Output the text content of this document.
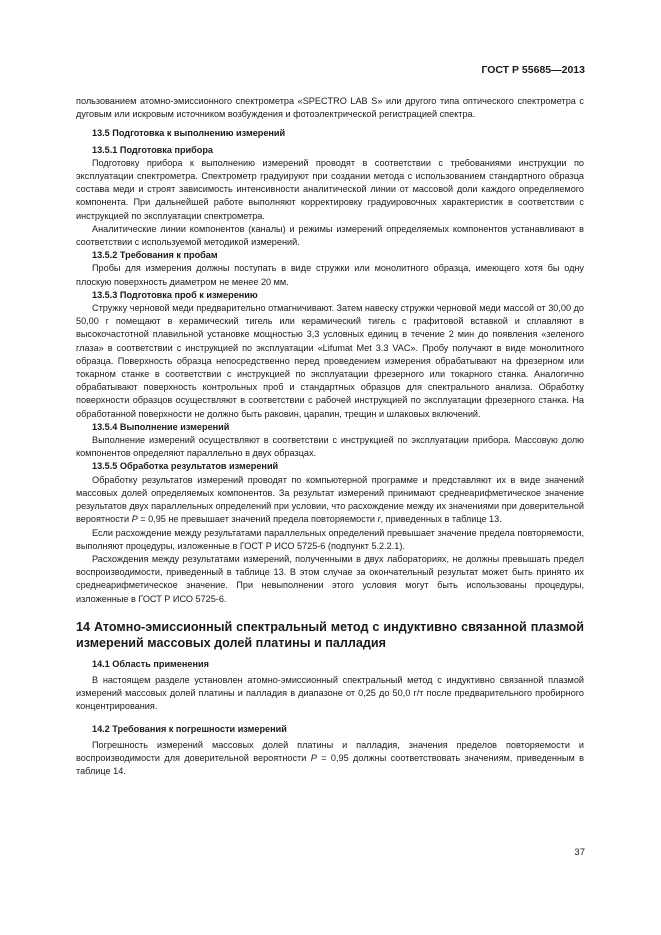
ГОСТ Р 55685—2013

пользованием атомно-эмиссионного спектрометра «SPECTRO LAB S» или другого типа оптического спектрометра с дуговым или искровым источником возбуждения и фотоэлектрической регистрацией спектра.

13.5 Подготовка к выполнению измерений

13.5.1 Подготовка прибора

Подготовку прибора к выполнению измерений проводят в соответствии с требованиями инструкции по эксплуатации спектрометра. Спектрометр градуируют при создании метода с использованием стандартного образца состава меди и строят зависимость интенсивности аналитической линии от массовой доли каждого определяемого компонента. При дальнейшей работе выполняют корректировку градуировочных характеристик в соответствии с инструкцией по эксплуатации спектрометра.

Аналитические линии компонентов (каналы) и режимы измерений определяемых компонентов устанавливают в соответствии с используемой методикой измерений.

13.5.2 Требования к пробам

Пробы для измерения должны поступать в виде стружки или монолитного образца, имеющего хотя бы одну плоскую поверхность диаметром не менее 20 мм.

13.5.3 Подготовка проб к измерению

Стружку черновой меди предварительно отмагничивают. Затем навеску стружки черновой меди массой от 30,00 до 50,00 г помещают в керамический тигель или керамический тигель с графитовой вставкой и сплавляют в высокочастотной плавильной установке мощностью 3,3 условных единиц в течение 2 мин до появления «зеленого глаза» в соответствии с инструкцией по эксплуатации «Lifumat Met 3.3 VAC». Пробу получают в виде монолитного образца. Поверхность образца непосредственно перед проведением измерения обрабатывают на фрезерном или токарном станке в соответствии с инструкцией по эксплуатации фрезерного или токарного станка. Аналогично обрабатывают поверхность контрольных проб и стандартных образцов для спектрального анализа. Обработку поверхности образцов осуществляют в соответствии с рабочей инструкцией по эксплуатации фрезерного станка. На обработанной поверхности не должно быть раковин, царапин, трещин и шлаковых включений.

13.5.4 Выполнение измерений

Выполнение измерений осуществляют в соответствии с инструкцией по эксплуатации прибора. Массовую долю компонентов определяют параллельно в двух образцах.

13.5.5 Обработка результатов измерений

Обработку результатов измерений проводят по компьютерной программе и представляют их в виде значений массовых долей определяемых компонентов. За результат измерений принимают среднеарифметическое значение результатов двух параллельных определений при условии, что расхождение между их значениями при доверительной вероятности P = 0,95 не превышает значений предела повторяемости r, приведенных в таблице 13.

Если расхождение между результатами параллельных определений превышает значение предела повторяемости, выполняют процедуры, изложенные в ГОСТ Р ИСО 5725-6 (подпункт 5.2.2.1).

Расхождения между результатами измерений, полученными в двух лабораториях, не должны превышать предел воспроизводимости, приведенный в таблице 13. В этом случае за окончательный результат может быть принято их среднеарифметическое значение. При невыполнении этого условия могут быть использованы процедуры, изложенные в ГОСТ Р ИСО 5725-6.

14 Атомно-эмиссионный спектральный метод с индуктивно связанной плазмой измерений массовых долей платины и палладия

14.1 Область применения

В настоящем разделе установлен атомно-эмиссионный спектральный метод с индуктивно связанной плазмой измерений массовых долей платины и палладия в диапазоне от 0,25 до 50,0 г/т после предварительного пробирного концентрирования.

14.2 Требования к погрешности измерений

Погрешность измерений массовых долей платины и палладия, значения пределов повторяемости и воспроизводимости для доверительной вероятности P = 0,95 должны соответствовать значениям, приведенным в таблице 14.

37
